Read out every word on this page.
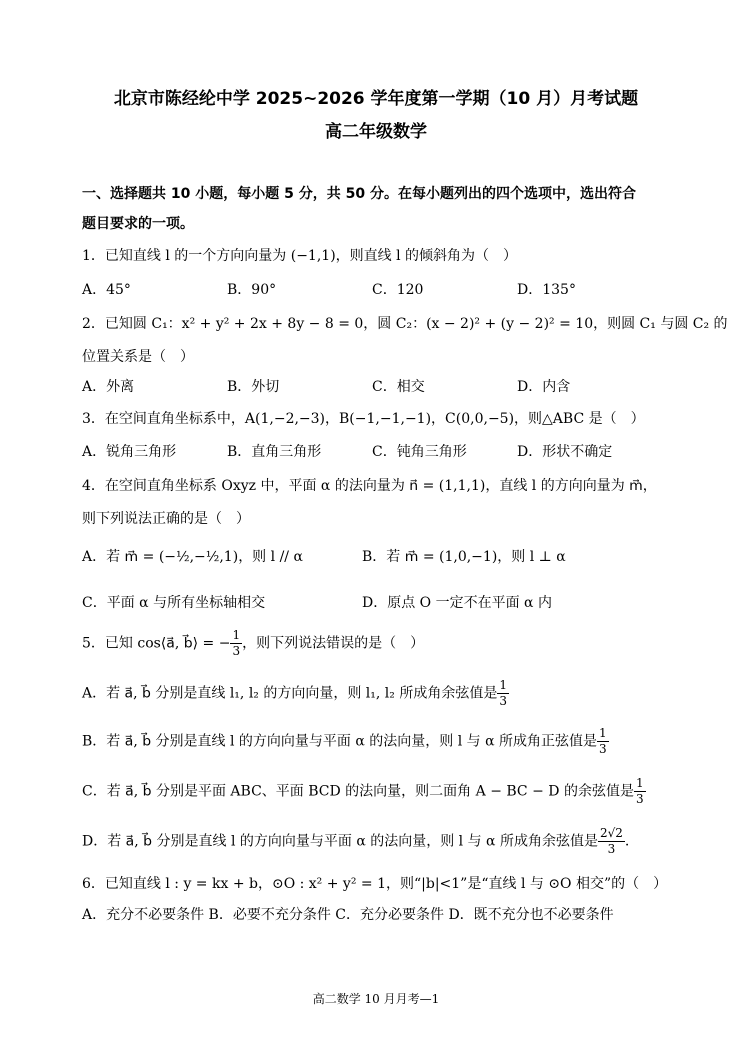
北京市陈经纶中学 2025~2026 学年度第一学期（10 月）月考试题
高二年级数学
一、选择题共 10 小题，每小题 5 分，共 50 分。在每小题列出的四个选项中，选出符合
题目要求的一项。
1．已知直线 l 的一个方向向量为 (−1,1)，则直线 l 的倾斜角为（　）
A．45°	B．90°	C．120	D．135°
2．已知圆 C₁：x² + y² + 2x + 8y − 8 = 0，圆 C₂：(x − 2)² + (y − 2)² = 10，则圆 C₁ 与圆 C₂ 的
位置关系是（　）
A．外离	B．外切	C．相交	D．内含
3．在空间直角坐标系中，A(1,−2,−3)，B(−1,−1,−1)，C(0,0,−5)，则△ABC 是（　）
A．锐角三角形	B．直角三角形	C．钝角三角形	D．形状不确定
4．在空间直角坐标系 Oxyz 中，平面 α 的法向量为 n⃗ = (1,1,1)，直线 l 的方向向量为 m⃗，
则下列说法正确的是（　）
A．若 m⃗ = (−½,−½,1)，则 l // α	B．若 m⃗ = (1,0,−1)，则 l ⊥ α
C．平面 α 与所有坐标轴相交	D．原点 O 一定不在平面 α 内
5．已知 cos⟨a⃗, b⃗⟩ = − $\frac{1}{3}$ ，则下列说法错误的是（　）
A．若 a⃗, b⃗ 分别是直线 l₁, l₂ 的方向向量，则 l₁, l₂ 所成角余弦值是 $\frac{1}{3}$
B．若 a⃗, b⃗ 分别是直线 l 的方向向量与平面 α 的法向量，则 l 与 α 所成角正弦值是 $\frac{1}{3}$
C．若 a⃗, b⃗ 分别是平面 ABC、平面 BCD 的法向量，则二面角 A − BC − D 的余弦值是 $\frac{1}{3}$
D．若 a⃗, b⃗ 分别是直线 l 的方向向量与平面 α 的法向量，则 l 与 α 所成角余弦值是 $\frac{2√2}{3}$ .
6．已知直线 l : y = kx + b，⊙O : x² + y² = 1，则“|b|<1”是“直线 l 与 ⊙O 相交”的（　）
A．充分不必要条件 B．必要不充分条件 C．充分必要条件 D．既不充分也不必要条件
高二数学 10 月月考—1
